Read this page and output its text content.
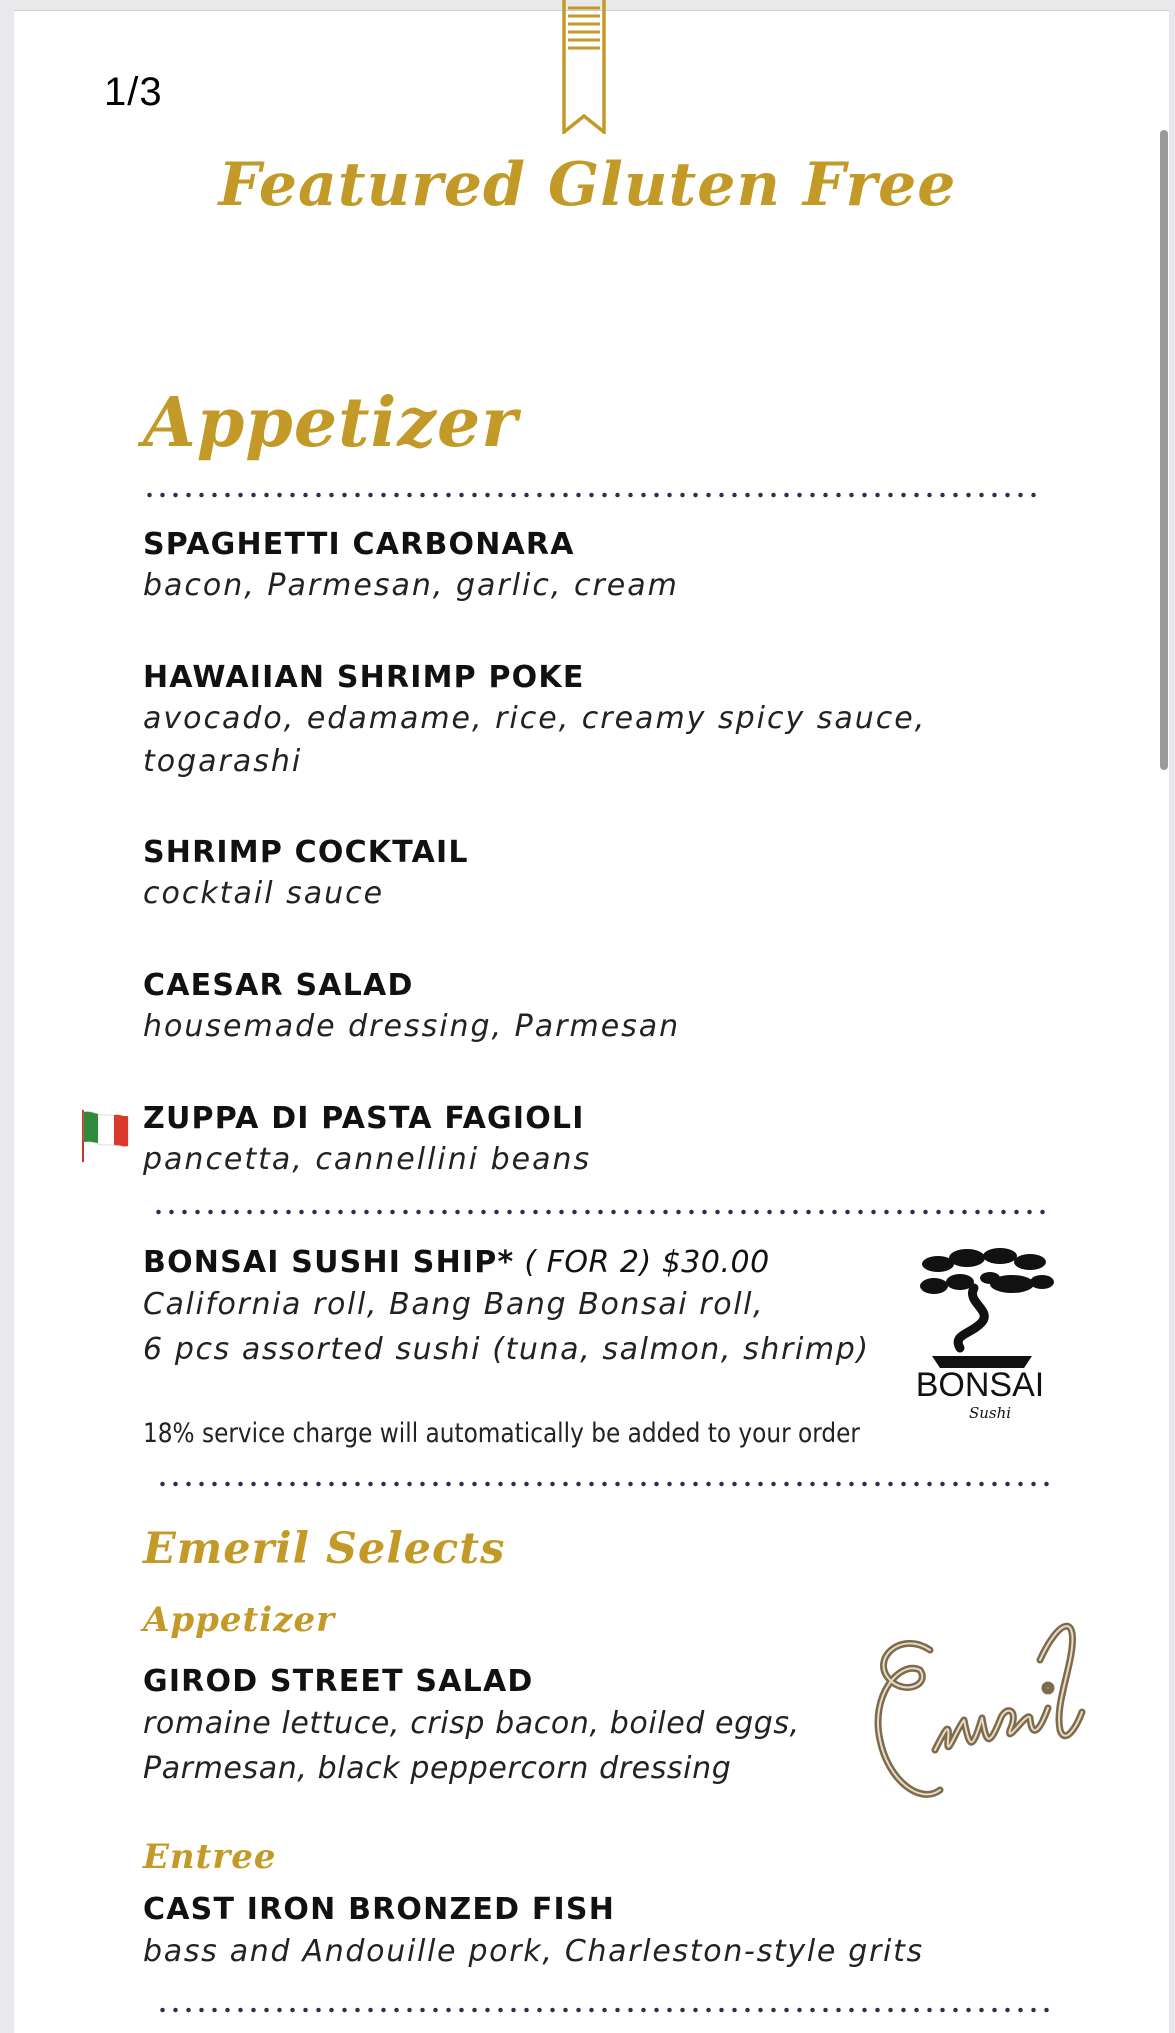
1/3
Featured Gluten Free
Appetizer
SPAGHETTI CARBONARA
bacon, Parmesan, garlic, cream
HAWAIIAN SHRIMP POKE
avocado, edamame, rice, creamy spicy sauce,
togarashi
SHRIMP COCKTAIL
cocktail sauce
CAESAR SALAD
housemade dressing, Parmesan
ZUPPA DI PASTA FAGIOLI
pancetta, cannellini beans
BONSAI SUSHI SHIP* ( FOR 2) $30.00
California roll, Bang Bang Bonsai roll,
6 pcs assorted sushi (tuna, salmon, shrimp)
BONSAI
Sushi
18% service charge will automatically be added to your order
Emeril Selects
Appetizer
GIROD STREET SALAD
romaine lettuce, crisp bacon, boiled eggs,
Parmesan, black peppercorn dressing
Entree
CAST IRON BRONZED FISH
bass and Andouille pork, Charleston-style grits
